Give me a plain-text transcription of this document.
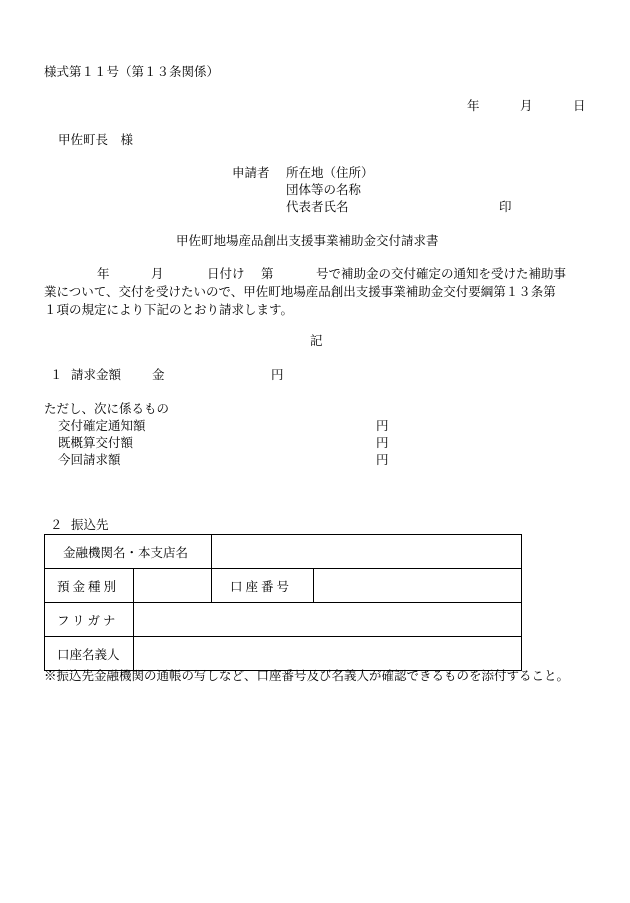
様式第１１号（第１３条関係）
年	月	日
甲佐町長　様
申請者 所在地（住所）
団体等の名称
代表者氏名	印
甲佐町地場産品創出支援事業補助金交付請求書
年	月	日付け 第	号で補助金の交付確定の通知を受けた補助事
業について、交付を受けたいので、甲佐町地場産品創出支援事業補助金交付要綱第１３条第
１項の規定により下記のとおり請求します。
記
１ 請求金額 金	円
ただし、次に係るもの
交付確定通知額	円
既概算交付額	円
今回請求額	円
２ 振込先
金融機関名・本支店名			
預金種別		口座番号	
フリガナ			
口座名義人			
※振込先金融機関の通帳の写しなど、口座番号及び名義人が確認できるものを添付すること。
